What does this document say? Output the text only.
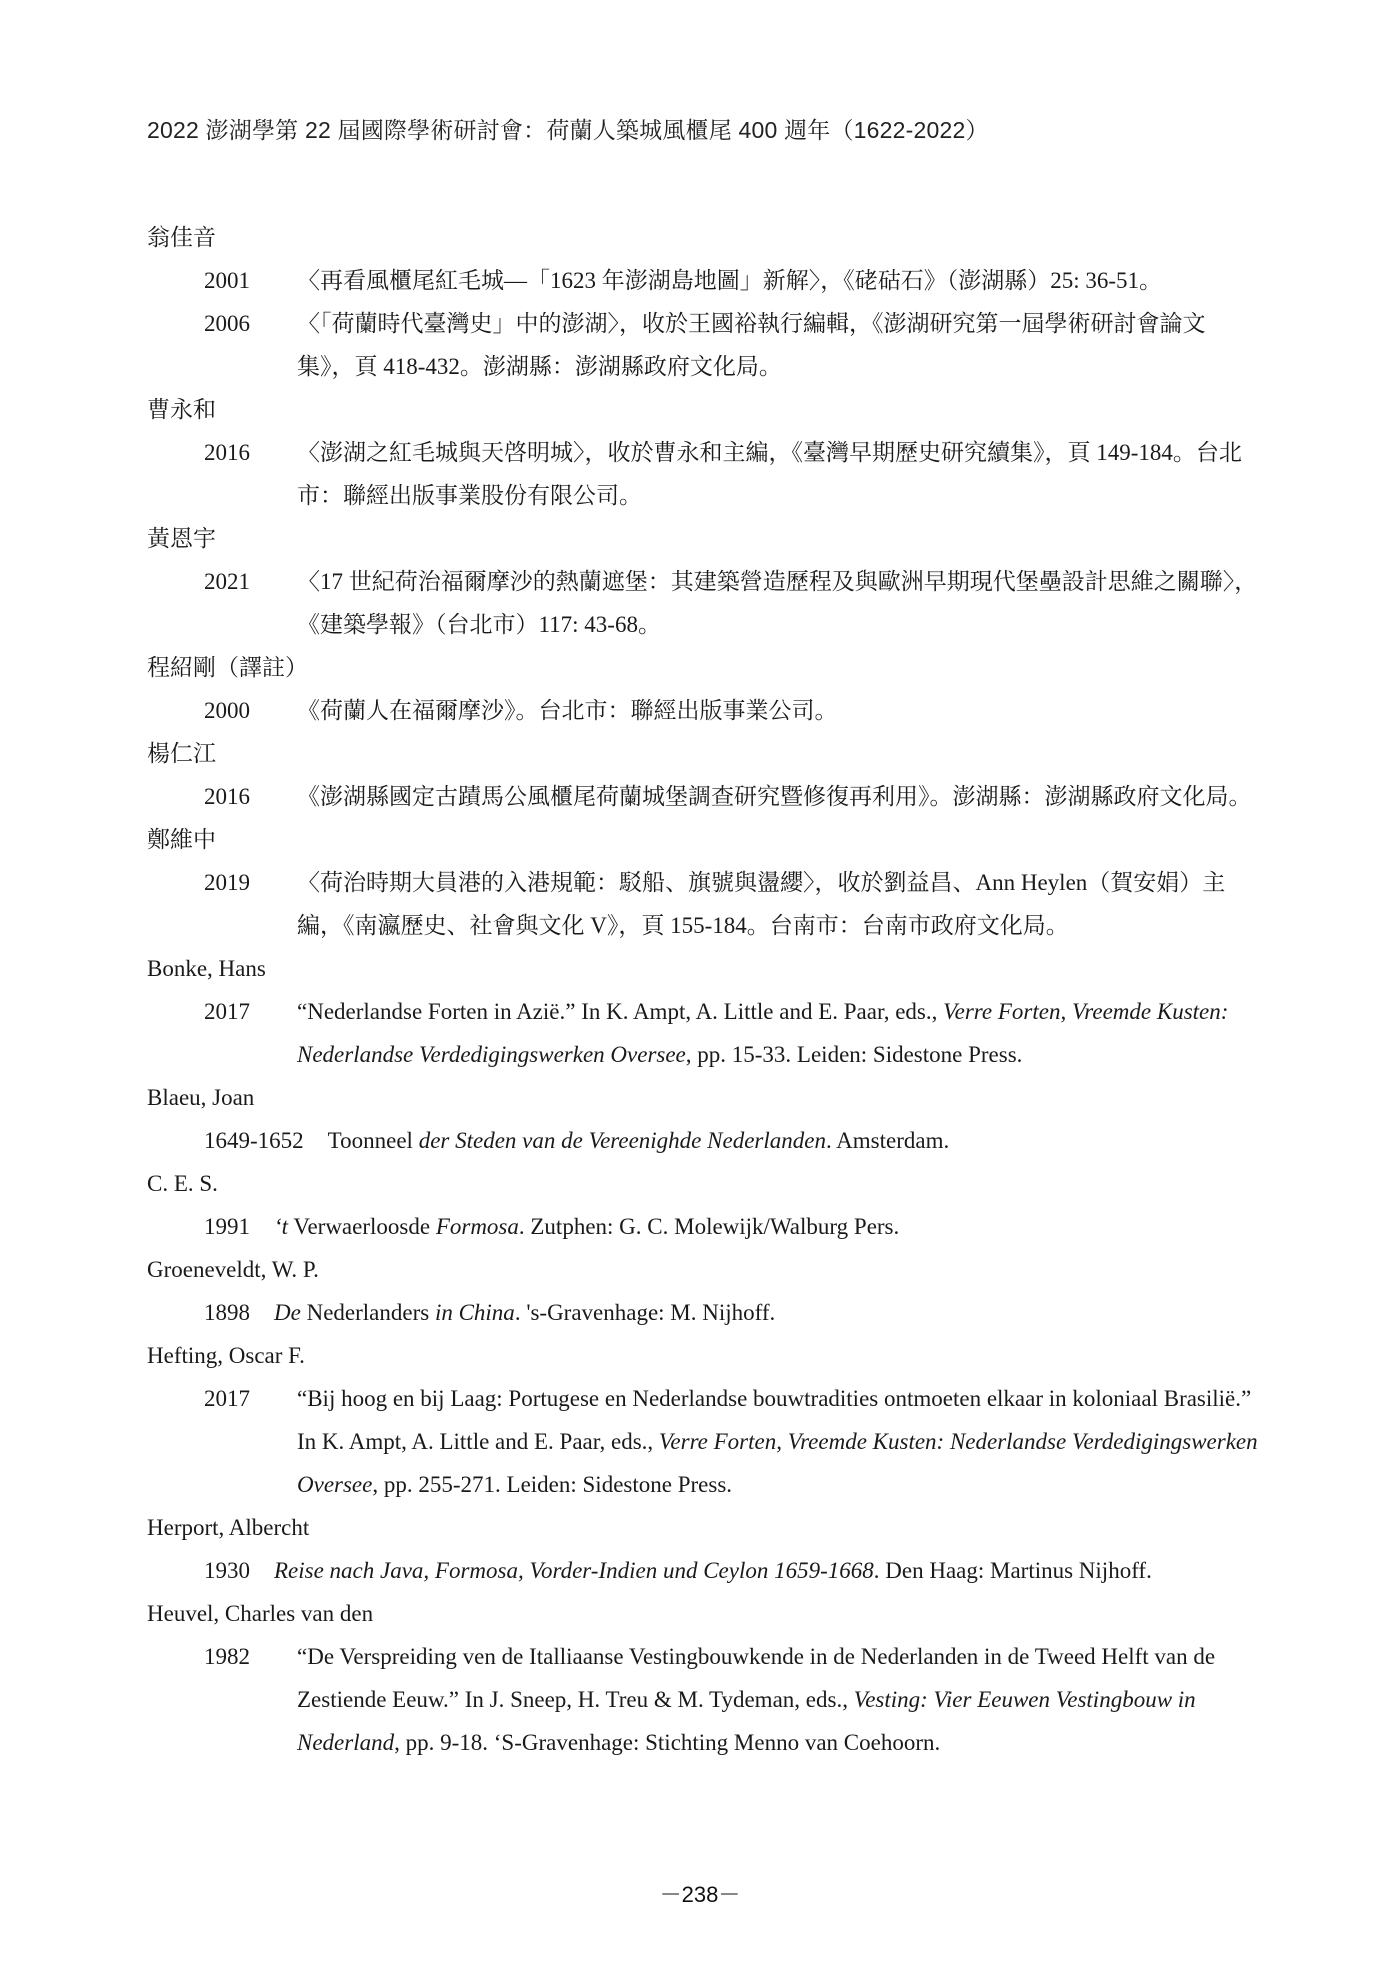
2022 澎湖學第 22 屆國際學術研討會：荷蘭人築城風櫃尾 400 週年（1622-2022）
翁佳音
2001 〈再看風櫃尾紅毛城—「1623 年澎湖島地圖」新解〉，《硓𥑮石》（澎湖縣）25: 36-51。
2006 〈「荷蘭時代臺灣史」中的澎湖〉，收於王國裕執行編輯，《澎湖研究第一屆學術研討會論文集》，頁 418-432。澎湖縣：澎湖縣政府文化局。
曹永和
2016 〈澎湖之紅毛城與天啓明城〉，收於曹永和主編，《臺灣早期歷史研究續集》，頁 149-184。台北市：聯經出版事業股份有限公司。
黃恩宇
2021 〈17 世紀荷治福爾摩沙的熱蘭遮堡：其建築營造歷程及與歐洲早期現代堡壘設計思維之關聯〉，《建築學報》（台北市）117: 43-68。
程紹剛（譯註）
2000 《荷蘭人在福爾摩沙》。台北市：聯經出版事業公司。
楊仁江
2016 《澎湖縣國定古蹟馬公風櫃尾荷蘭城堡調查研究暨修復再利用》。澎湖縣：澎湖縣政府文化局。
鄭維中
2019 〈荷治時期大員港的入港規範：駁船、旗號與盪纓〉，收於劉益昌、Ann Heylen（賀安娟）主編，《南瀛歷史、社會與文化 V》，頁 155-184。台南市：台南市政府文化局。
Bonke, Hans
2017 “Nederlandse Forten in Azië.” In K. Ampt, A. Little and E. Paar, eds., Verre Forten, Vreemde Kusten: Nederlandse Verdedigingswerken Oversee, pp. 15-33. Leiden: Sidestone Press.
Blaeu, Joan
1649-1652 Toonneel der Steden van de Vereenighde Nederlanden. Amsterdam.
C. E. S.
1991 ‘t Verwaerloosde Formosa. Zutphen: G. C. Molewijk/Walburg Pers.
Groeneveldt, W. P.
1898 De Nederlanders in China. 's-Gravenhage: M. Nijhoff.
Hefting, Oscar F.
2017 “Bij hoog en bij Laag: Portugese en Nederlandse bouwtradities ontmoeten elkaar in koloniaal Brasilië.” In K. Ampt, A. Little and E. Paar, eds., Verre Forten, Vreemde Kusten: Nederlandse Verdedigingswerken Oversee, pp. 255-271. Leiden: Sidestone Press.
Herport, Albercht
1930 Reise nach Java, Formosa, Vorder-Indien und Ceylon 1659-1668. Den Haag: Martinus Nijhoff.
Heuvel, Charles van den
1982 “De Verspreiding ven de Italliaanse Vestingbouwkende in de Nederlanden in de Tweed Helft van de Zestiende Eeuw.” In J. Sneep, H. Treu & M. Tydeman, eds., Vesting: Vier Eeuwen Vestingbouw in Nederland, pp. 9-18. ‘S-Gravenhage: Stichting Menno van Coehoorn.
－238－
